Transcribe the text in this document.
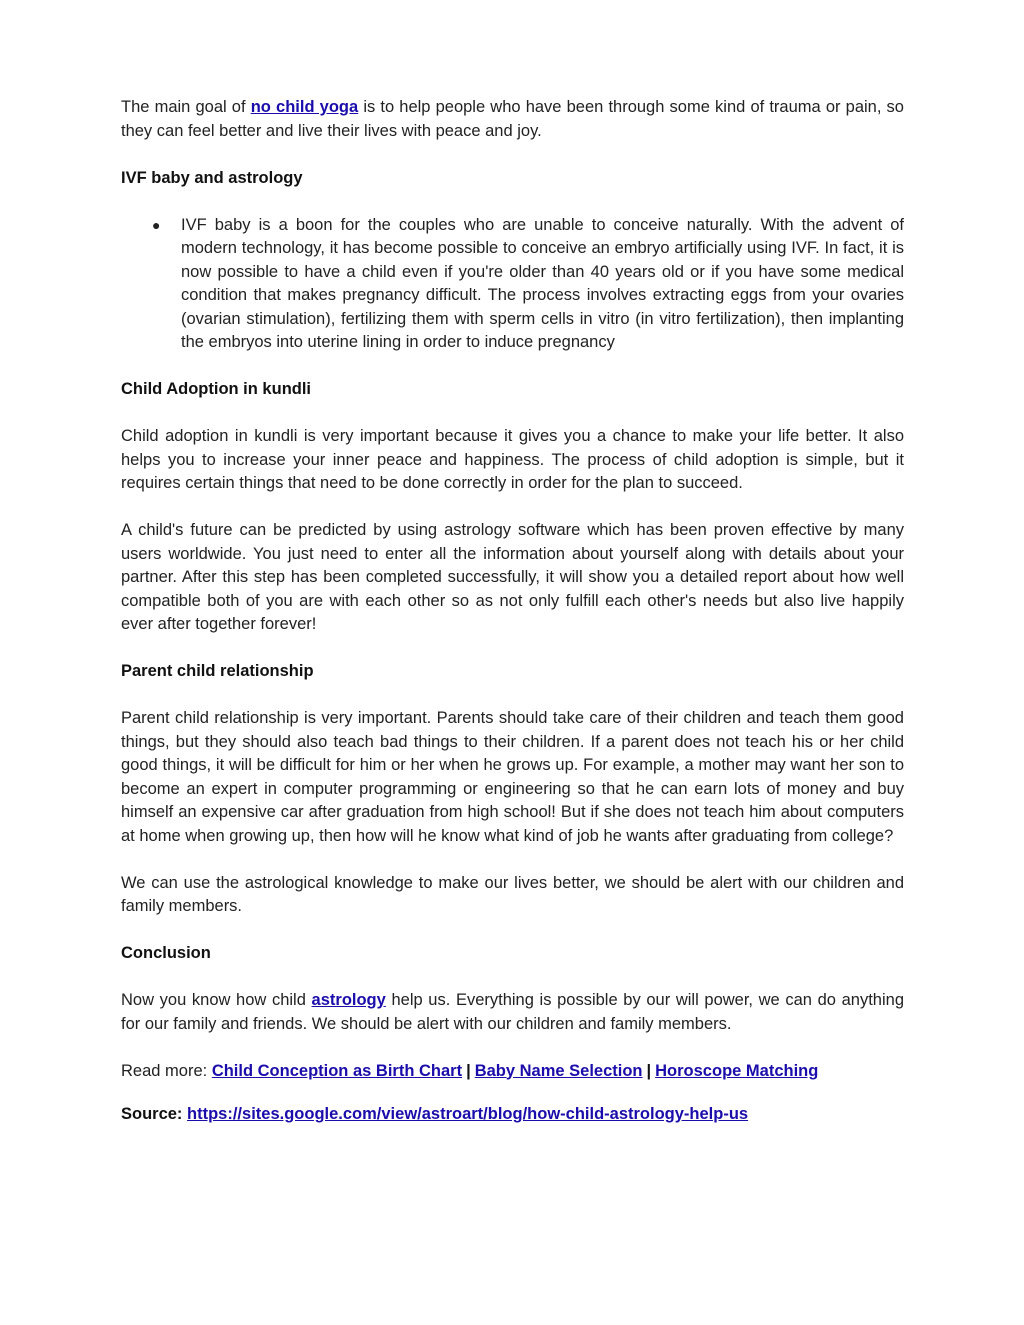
The main goal of no child yoga is to help people who have been through some kind of trauma or pain, so they can feel better and live their lives with peace and joy.

IVF baby and astrology
● IVF baby is a boon for the couples who are unable to conceive naturally. With the advent of modern technology, it has become possible to conceive an embryo artificially using IVF. In fact, it is now possible to have a child even if you're older than 40 years old or if you have some medical condition that makes pregnancy difficult. The process involves extracting eggs from your ovaries (ovarian stimulation), fertilizing them with sperm cells in vitro (in vitro fertilization), then implanting the embryos into uterine lining in order to induce pregnancy
Child Adoption in kundli

Child adoption in kundli is very important because it gives you a chance to make your life better. It also helps you to increase your inner peace and happiness. The process of child adoption is simple, but it requires certain things that need to be done correctly in order for the plan to succeed.

A child's future can be predicted by using astrology software which has been proven effective by many users worldwide. You just need to enter all the information about yourself along with details about your partner. After this step has been completed successfully, it will show you a detailed report about how well compatible both of you are with each other so as not only fulfill each other's needs but also live happily ever after together forever!

Parent child relationship

Parent child relationship is very important. Parents should take care of their children and teach them good things, but they should also teach bad things to their children. If a parent does not teach his or her child good things, it will be difficult for him or her when he grows up. For example, a mother may want her son to become an expert in computer programming or engineering so that he can earn lots of money and buy himself an expensive car after graduation from high school! But if she does not teach him about computers at home when growing up, then how will he know what kind of job he wants after graduating from college?

We can use the astrological knowledge to make our lives better, we should be alert with our children and family members.

Conclusion

Now you know how child astrology help us. Everything is possible by our will power, we can do anything for our family and friends. We should be alert with our children and family members.

Read more: Child Conception as Birth Chart | Baby Name Selection | Horoscope Matching

Source: https://sites.google.com/view/astroart/blog/how-child-astrology-help-us
